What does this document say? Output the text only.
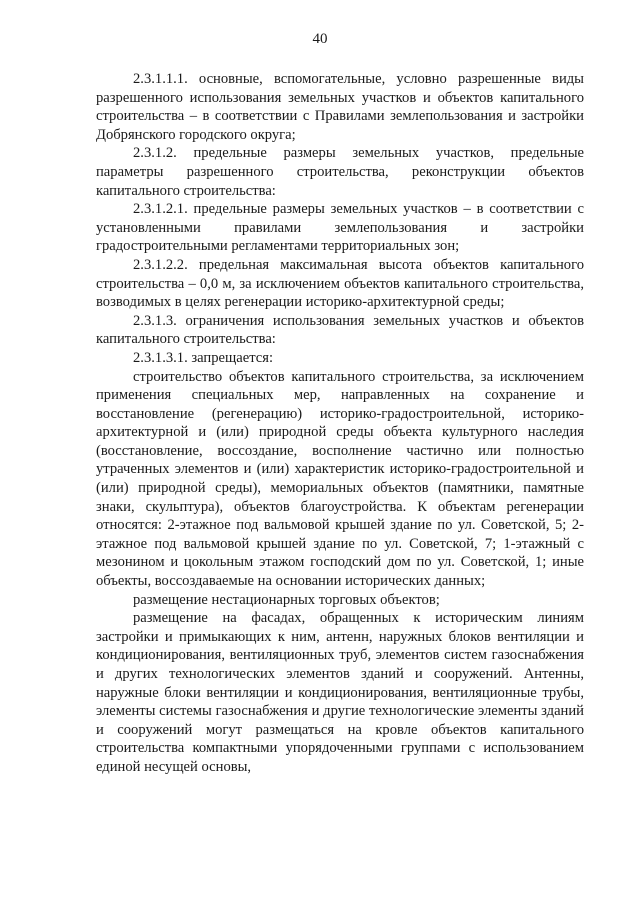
40

2.3.1.1.1. основные, вспомогательные, условно разрешенные виды разрешенного использования земельных участков и объектов капитального строительства – в соответствии с Правилами землепользования и застройки Добрянского городского округа;

2.3.1.2. предельные размеры земельных участков, предельные параметры разрешенного строительства, реконструкции объектов капитального строительства:

2.3.1.2.1. предельные размеры земельных участков – в соответствии с установленными правилами землепользования и застройки градостроительными регламентами территориальных зон;

2.3.1.2.2. предельная максимальная высота объектов капитального строительства – 0,0 м, за исключением объектов капитального строительства, возводимых в целях регенерации историко-архитектурной среды;

2.3.1.3. ограничения использования земельных участков и объектов капитального строительства:

2.3.1.3.1. запрещается:

строительство объектов капитального строительства, за исключением применения специальных мер, направленных на сохранение и восстановление (регенерацию) историко-градостроительной, историко-архитектурной и (или) природной среды объекта культурного наследия (восстановление, воссоздание, восполнение частично или полностью утраченных элементов и (или) характеристик историко-градостроительной и (или) природной среды), мемориальных объектов (памятники, памятные знаки, скульптура), объектов благоустройства. К объектам регенерации относятся: 2-этажное под вальмовой крышей здание по ул. Советской, 5; 2-этажное под вальмовой крышей здание по ул. Советской, 7; 1-этажный с мезонином и цокольным этажом господский дом по ул. Советской, 1; иные объекты, воссоздаваемые на основании исторических данных;

размещение нестационарных торговых объектов;

размещение на фасадах, обращенных к историческим линиям застройки и примыкающих к ним, антенн, наружных блоков вентиляции и кондиционирования, вентиляционных труб, элементов систем газоснабжения и других технологических элементов зданий и сооружений. Антенны, наружные блоки вентиляции и кондиционирования, вентиляционные трубы, элементы системы газоснабжения и другие технологические элементы зданий и сооружений могут размещаться на кровле объектов капитального строительства компактными упорядоченными группами с использованием единой несущей основы,
